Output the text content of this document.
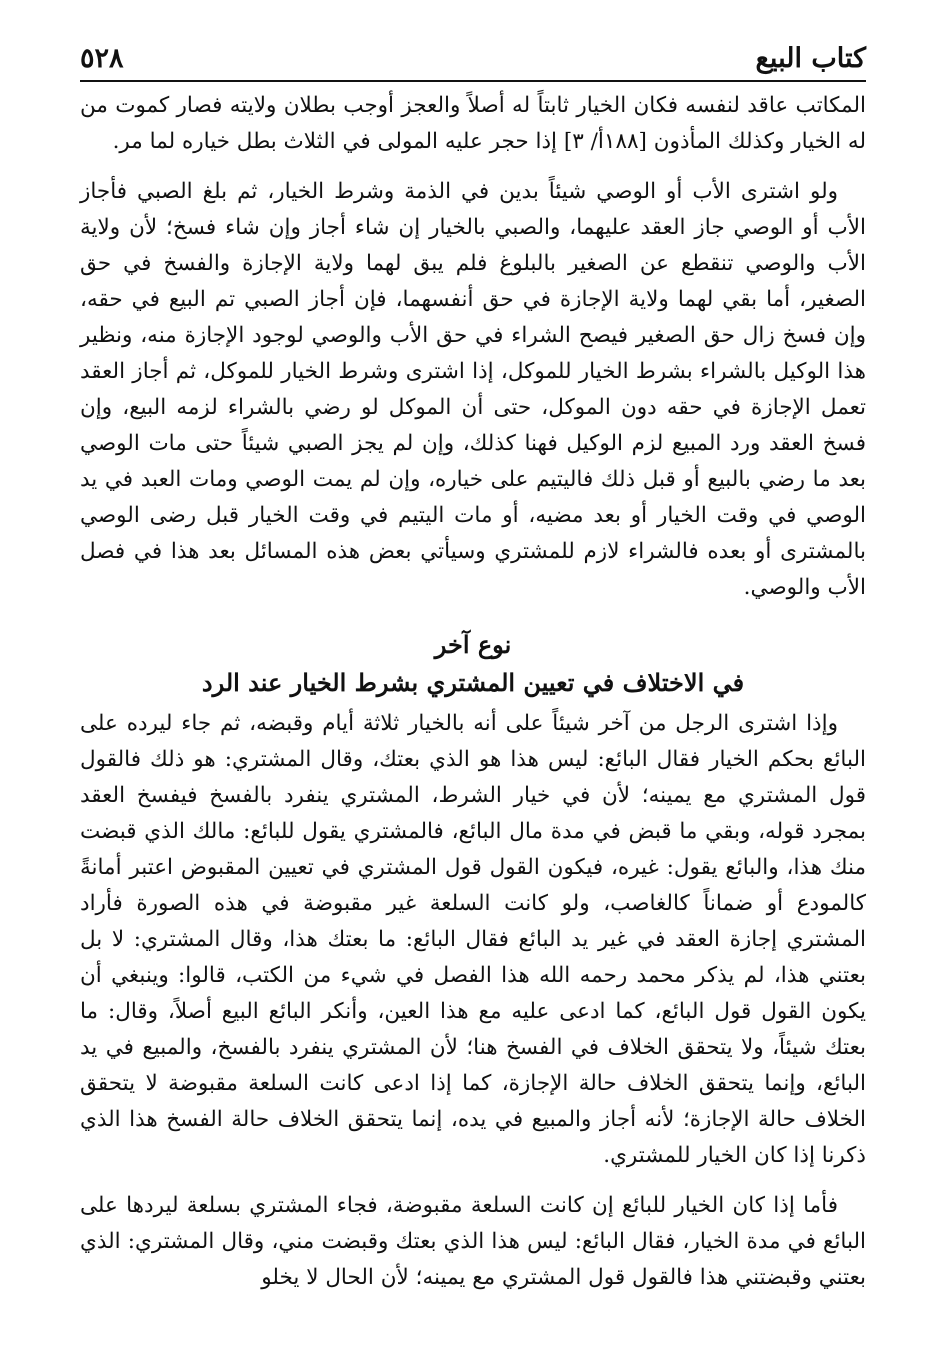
كتاب البيع
٥٢٨

المكاتب عاقد لنفسه فكان الخيار ثابتاً له أصلاً والعجز أوجب بطلان ولايته فصار كموت من له الخيار وكذلك المأذون [١٨٨أ/ ٣] إذا حجر عليه المولى في الثلاث بطل خياره لما مر.

ولو اشترى الأب أو الوصي شيئاً بدين في الذمة وشرط الخيار، ثم بلغ الصبي فأجاز الأب أو الوصي جاز العقد عليهما، والصبي بالخيار إن شاء أجاز وإن شاء فسخ؛ لأن ولاية الأب والوصي تنقطع عن الصغير بالبلوغ فلم يبق لهما ولاية الإجازة والفسخ في حق الصغير، أما بقي لهما ولاية الإجازة في حق أنفسهما، فإن أجاز الصبي تم البيع في حقه، وإن فسخ زال حق الصغير فيصح الشراء في حق الأب والوصي لوجود الإجازة منه، ونظير هذا الوكيل بالشراء بشرط الخيار للموكل، إذا اشترى وشرط الخيار للموكل، ثم أجاز العقد تعمل الإجازة في حقه دون الموكل، حتى أن الموكل لو رضي بالشراء لزمه البيع، وإن فسخ العقد ورد المبيع لزم الوكيل فهنا كذلك، وإن لم يجز الصبي شيئاً حتى مات الوصي بعد ما رضي بالبيع أو قبل ذلك فاليتيم على خياره، وإن لم يمت الوصي ومات العبد في يد الوصي في وقت الخيار أو بعد مضيه، أو مات اليتيم في وقت الخيار قبل رضى الوصي بالمشترى أو بعده فالشراء لازم للمشتري وسيأتي بعض هذه المسائل بعد هذا في فصل الأب والوصي.

نوع آخر
في الاختلاف في تعيين المشتري بشرط الخيار عند الرد

وإذا اشترى الرجل من آخر شيئاً على أنه بالخيار ثلاثة أيام وقبضه، ثم جاء ليرده على البائع بحكم الخيار فقال البائع: ليس هذا هو الذي بعتك، وقال المشتري: هو ذلك فالقول قول المشتري مع يمينه؛ لأن في خيار الشرط، المشتري ينفرد بالفسخ فيفسخ العقد بمجرد قوله، وبقي ما قبض في مدة مال البائع، فالمشتري يقول للبائع: مالك الذي قبضت منك هذا، والبائع يقول: غيره، فيكون القول قول المشتري في تعيين المقبوض اعتبر أمانةً كالمودع أو ضماناً كالغاصب، ولو كانت السلعة غير مقبوضة في هذه الصورة فأراد المشتري إجازة العقد في غير يد البائع فقال البائع: ما بعتك هذا، وقال المشتري: لا بل بعتني هذا، لم يذكر محمد رحمه الله هذا الفصل في شيء من الكتب، قالوا: وينبغي أن يكون القول قول البائع، كما ادعى عليه مع هذا العين، وأنكر البائع البيع أصلاً، وقال: ما بعتك شيئاً، ولا يتحقق الخلاف في الفسخ هنا؛ لأن المشتري ينفرد بالفسخ، والمبيع في يد البائع، وإنما يتحقق الخلاف حالة الإجازة، كما إذا ادعى كانت السلعة مقبوضة لا يتحقق الخلاف حالة الإجازة؛ لأنه أجاز والمبيع في يده، إنما يتحقق الخلاف حالة الفسخ هذا الذي ذكرنا إذا كان الخيار للمشتري.

فأما إذا كان الخيار للبائع إن كانت السلعة مقبوضة، فجاء المشتري بسلعة ليردها على البائع في مدة الخيار، فقال البائع: ليس هذا الذي بعتك وقبضت مني، وقال المشتري: الذي بعتني وقبضتني هذا فالقول قول المشتري مع يمينه؛ لأن الحال لا يخلو
